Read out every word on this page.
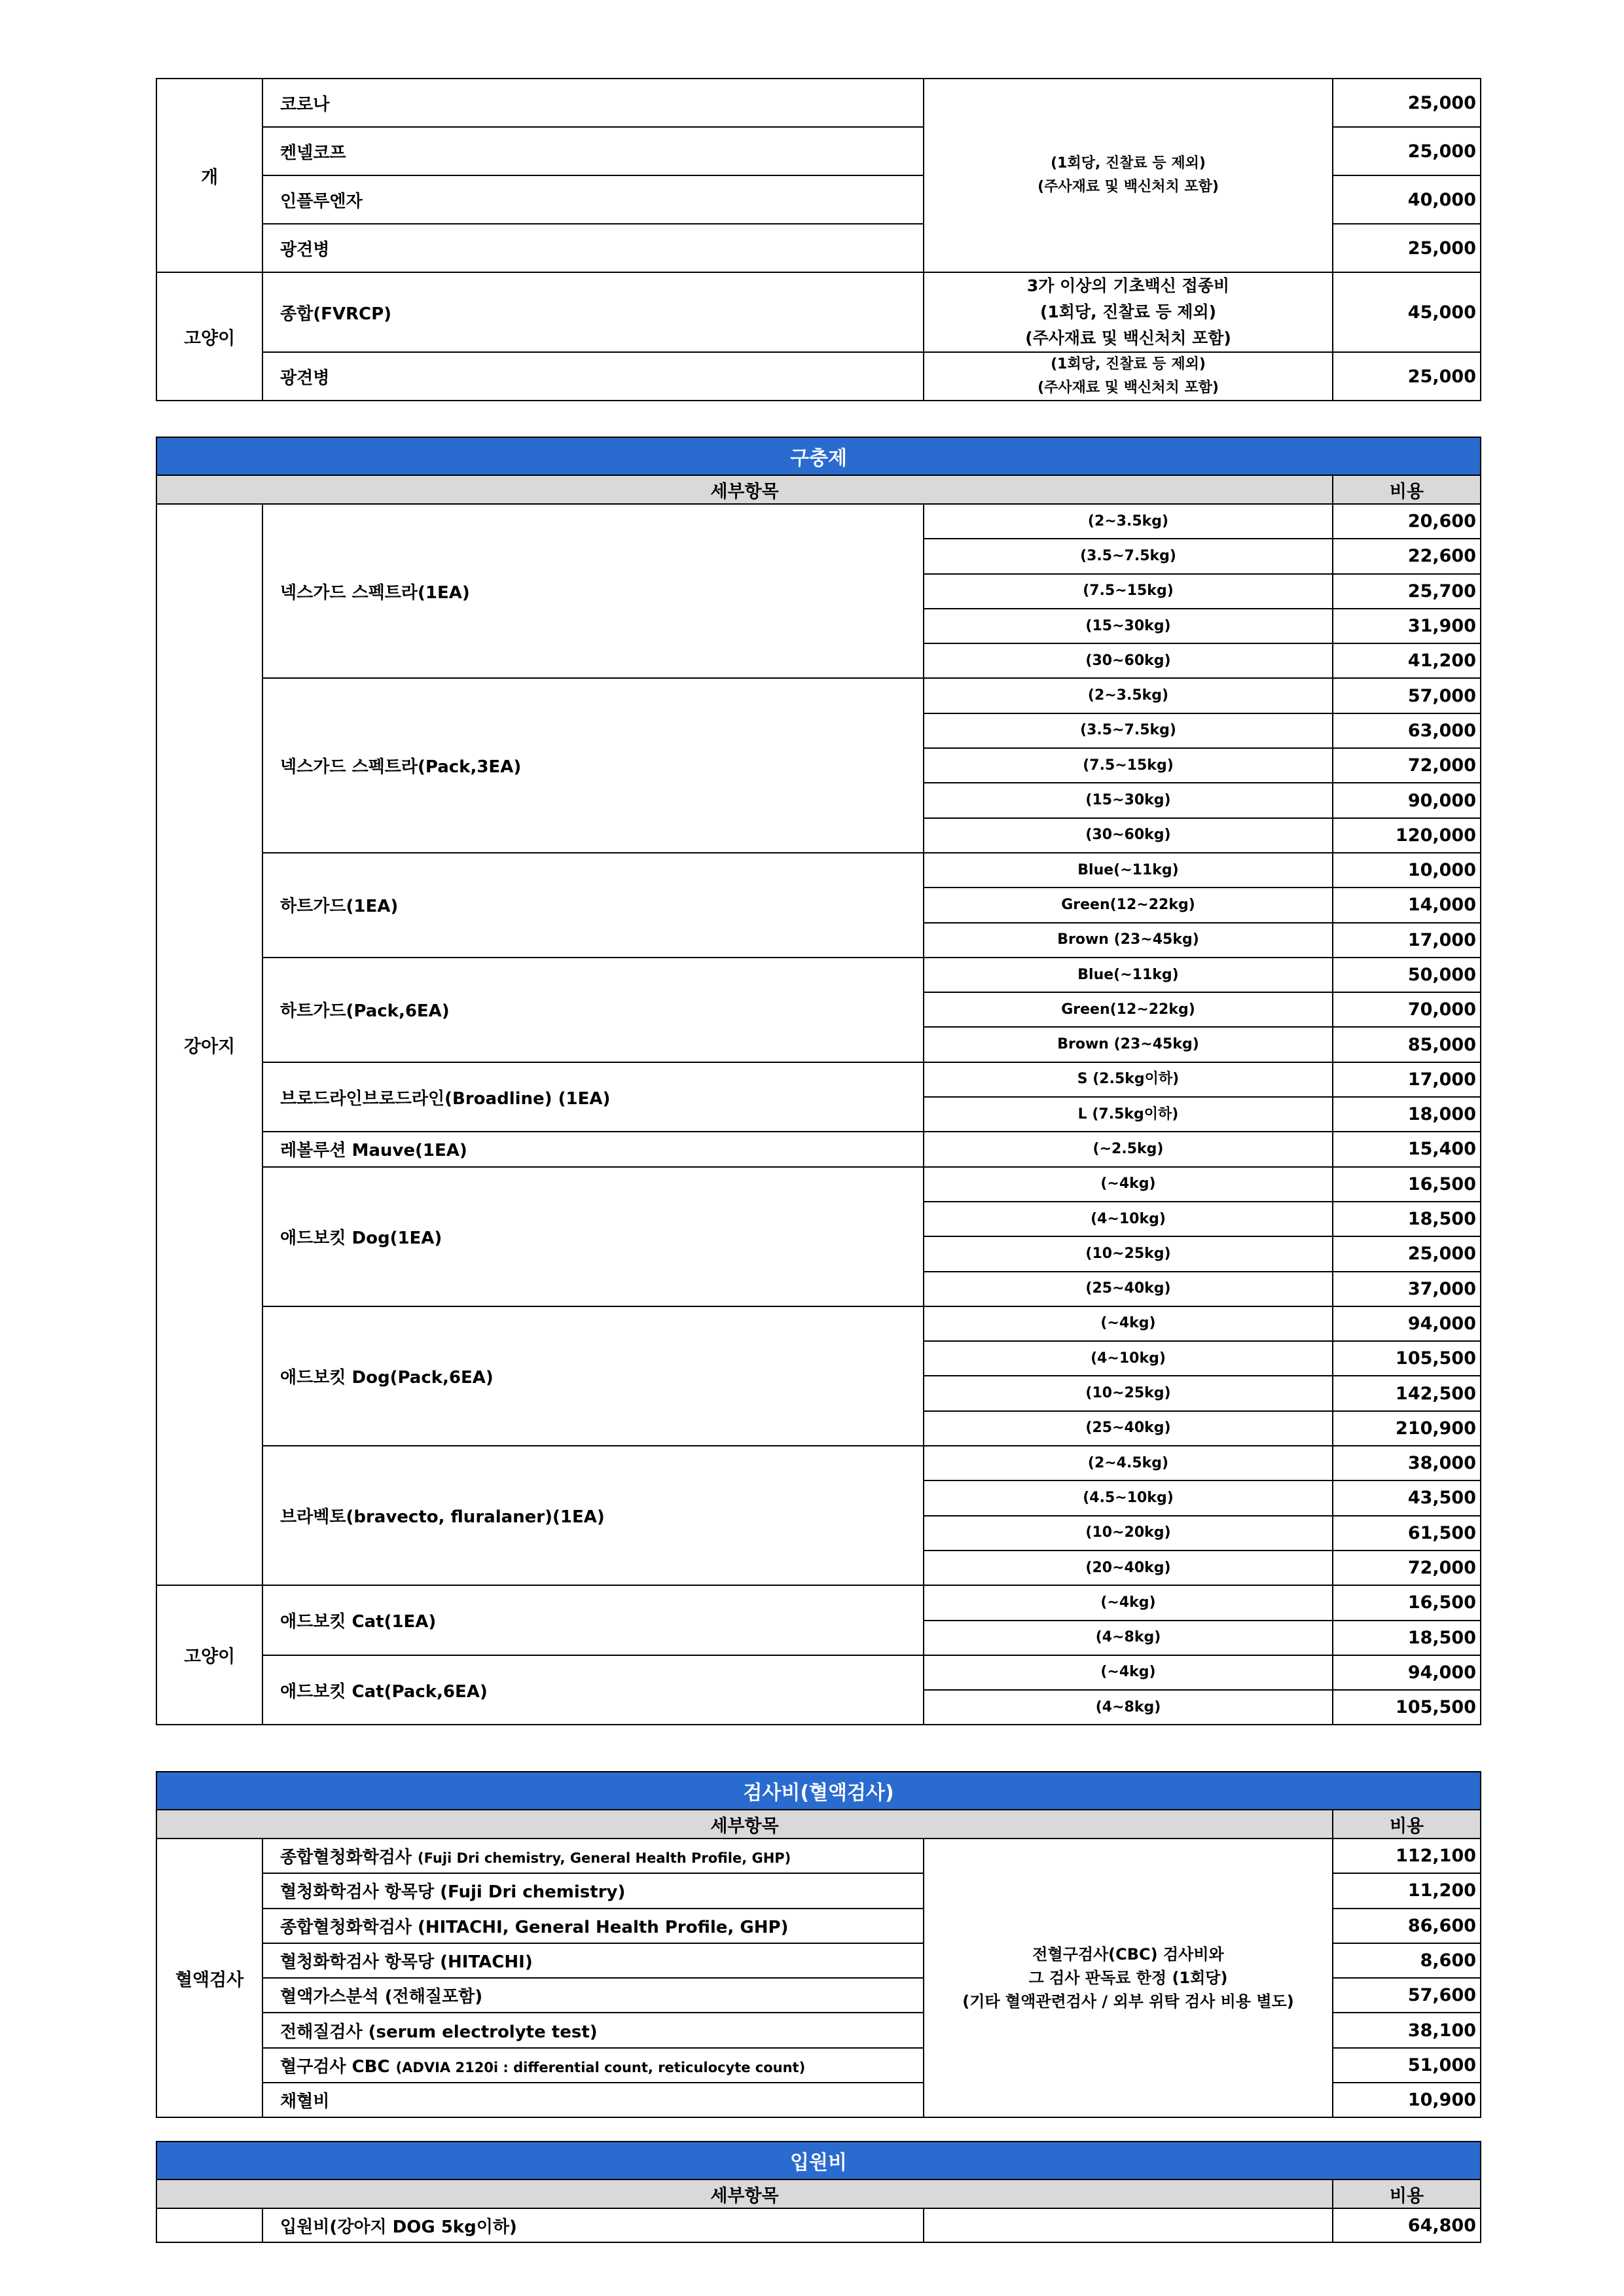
개	코로나	(1회당, 진찰료 등 제외)
(주사재료 및 백신처치 포함)	25,000
	켄넬코프		25,000
	인플루엔자		40,000
	광견병		25,000
고양이	종합(FVRCP)	3가 이상의 기초백신 접종비
(1회당, 진찰료 등 제외)
(주사재료 및 백신처치 포함)	45,000
	광견병	(1회당, 진찰료 등 제외)
(주사재료 및 백신처치 포함)	25,000
구충제			
세부항목			비용
강아지	넥스가드 스펙트라(1EA)	(2~3.5kg)	20,600
		(3.5~7.5kg)	22,600
		(7.5~15kg)	25,700
		(15~30kg)	31,900
		(30~60kg)	41,200
	넥스가드 스펙트라(Pack,3EA)	(2~3.5kg)	57,000
		(3.5~7.5kg)	63,000
		(7.5~15kg)	72,000
		(15~30kg)	90,000
		(30~60kg)	120,000
	하트가드(1EA)	Blue(~11kg)	10,000
		Green(12~22kg)	14,000
		Brown (23~45kg)	17,000
	하트가드(Pack,6EA)	Blue(~11kg)	50,000
		Green(12~22kg)	70,000
		Brown (23~45kg)	85,000
	브로드라인브로드라인(Broadline) (1EA)	S (2.5kg이하)	17,000
		L (7.5kg이하)	18,000
	레볼루션 Mauve(1EA)	(~2.5kg)	15,400
	애드보킷 Dog(1EA)	(~4kg)	16,500
		(4~10kg)	18,500
		(10~25kg)	25,000
		(25~40kg)	37,000
	애드보킷 Dog(Pack,6EA)	(~4kg)	94,000
		(4~10kg)	105,500
		(10~25kg)	142,500
		(25~40kg)	210,900
	브라벡토(bravecto, fluralaner)(1EA)	(2~4.5kg)	38,000
		(4.5~10kg)	43,500
		(10~20kg)	61,500
		(20~40kg)	72,000
고양이	애드보킷 Cat(1EA)	(~4kg)	16,500
		(4~8kg)	18,500
	애드보킷 Cat(Pack,6EA)	(~4kg)	94,000
		(4~8kg)	105,500
검사비(혈액검사)			
세부항목			비용
혈액검사	종합혈청화학검사 (Fuji Dri chemistry, General Health Profile, GHP)	전혈구검사(CBC) 검사비와
그 검사 판독료 한정 (1회당)
(기타 혈액관련검사 / 외부 위탁 검사 비용 별도)	112,100
	혈청화학검사 항목당 (Fuji Dri chemistry)		11,200
	종합혈청화학검사 (HITACHI, General Health Profile, GHP)		86,600
	혈청화학검사 항목당 (HITACHI)		8,600
	혈액가스분석 (전해질포함)		57,600
	전해질검사 (serum electrolyte test)		38,100
	혈구검사 CBC (ADVIA 2120i : differential count, reticulocyte count)		51,000
	채혈비		10,900
입원비			
세부항목			비용
	입원비(강아지 DOG 5kg이하)		64,800
